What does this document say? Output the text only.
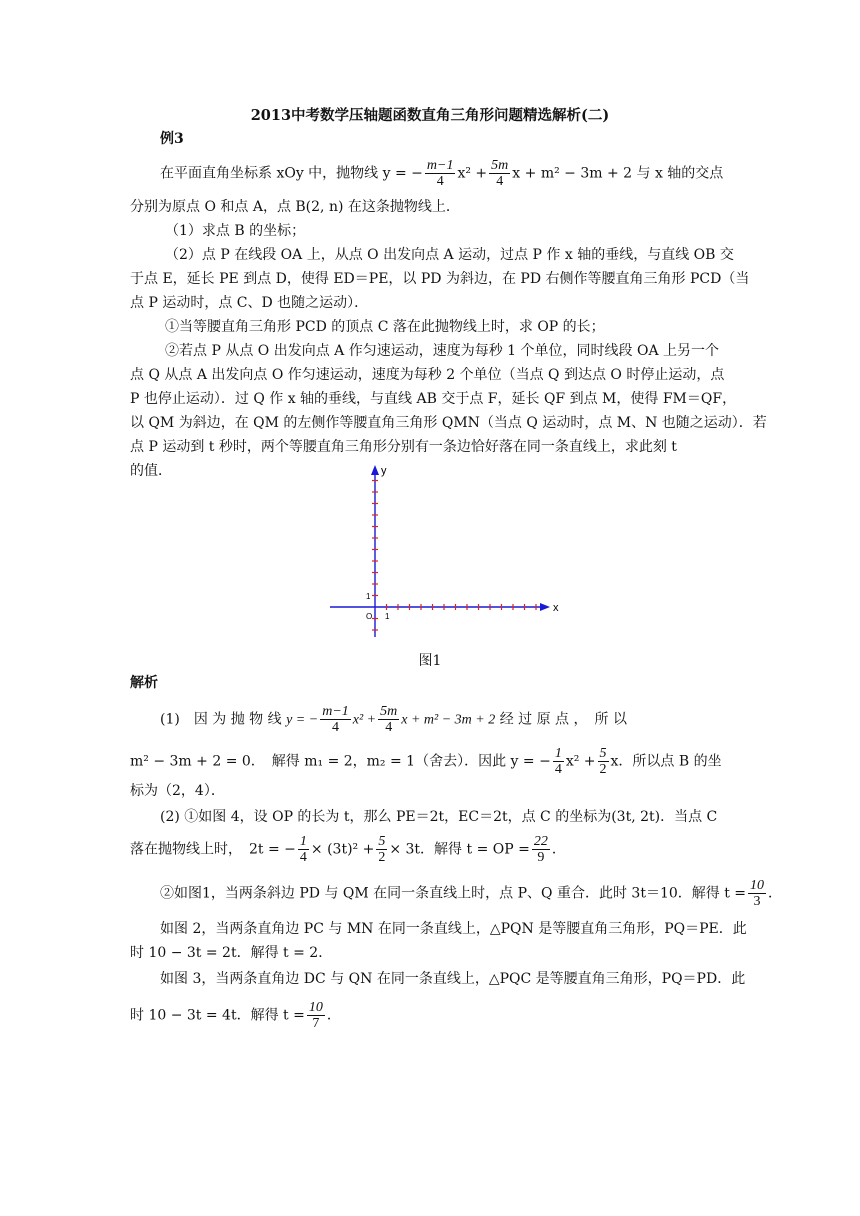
2013中考数学压轴题函数直角三角形问题精选解析(二)
例3
在平面直角坐标系 xOy 中，抛物线 y = − $\frac{m-1}{4} x^2 + \frac{5m}{4}$ x + m² − 3m + 2 与 x 轴的交点
分别为原点 O 和点 A，点 B(2, n) 在这条抛物线上．
（1）求点 B 的坐标；
（2）点 P 在线段 OA 上，从点 O 出发向点 A 运动，过点 P 作 x 轴的垂线，与直线 OB 交
于点 E，延长 PE 到点 D，使得 ED＝PE，以 PD 为斜边，在 PD 右侧作等腰直角三角形 PCD（当
点 P 运动时，点 C、D 也随之运动）．
①当等腰直角三角形 PCD 的顶点 C 落在此抛物线上时，求 OP 的长；
②若点 P 从点 O 出发向点 A 作匀速运动，速度为每秒 1 个单位，同时线段 OA 上另一个
点 Q 从点 A 出发向点 O 作匀速运动，速度为每秒 2 个单位（当点 Q 到达点 O 时停止运动，点
P 也停止运动）．过 Q 作 x 轴的垂线，与直线 AB 交于点 F，延长 QF 到点 M，使得 FM＝QF，
以 QM 为斜边，在 QM 的左侧作等腰直角三角形 QMN（当点 Q 运动时，点 M、N 也随之运动）．若
点 P 运动到 t 秒时，两个等腰直角三角形分别有一条边恰好落在同一条直线上，求此刻 t
的值．
x
y
O 1
1
图1
解析
(1)　因 为 抛 物 线 y = − $\frac{m-1}{4} x^2 + \frac{5m}{4}$ x + m² − 3m + 2 经 过 原 点 ，　所 以
m² − 3m + 2 = 0．　解得 m₁ = 2，m₂ = 1（舍去）．因此 y = − $\frac{1}{4} x^2 + \frac{5}{2}$ x．所以点 B 的坐
标为（2，4）．
(2) ①如图 4，设 OP 的长为 t，那么 PE＝2t，EC＝2t，点 C 的坐标为(3t, 2t)．当点 C
落在抛物线上时，　2t = − $\frac{1}{4} \times (3t)^2 + \frac{5}{2} \times 3t$．解得 t = OP = $\frac{22}{9}$ ．
②如图1，当两条斜边 PD 与 QM 在同一条直线上时，点 P、Q 重合．此时 3t＝10．解得 $t = \frac{10}{3}$ ．
如图 2，当两条直角边 PC 与 MN 在同一条直线上，△PQN 是等腰直角三角形，PQ＝PE．此
时 10 − 3t = 2t．解得 t = 2．
如图 3，当两条直角边 DC 与 QN 在同一条直线上，△PQC 是等腰直角三角形，PQ＝PD．此
时 10 − 3t = 4t．解得 $t = \frac{10}{7}$ ．
